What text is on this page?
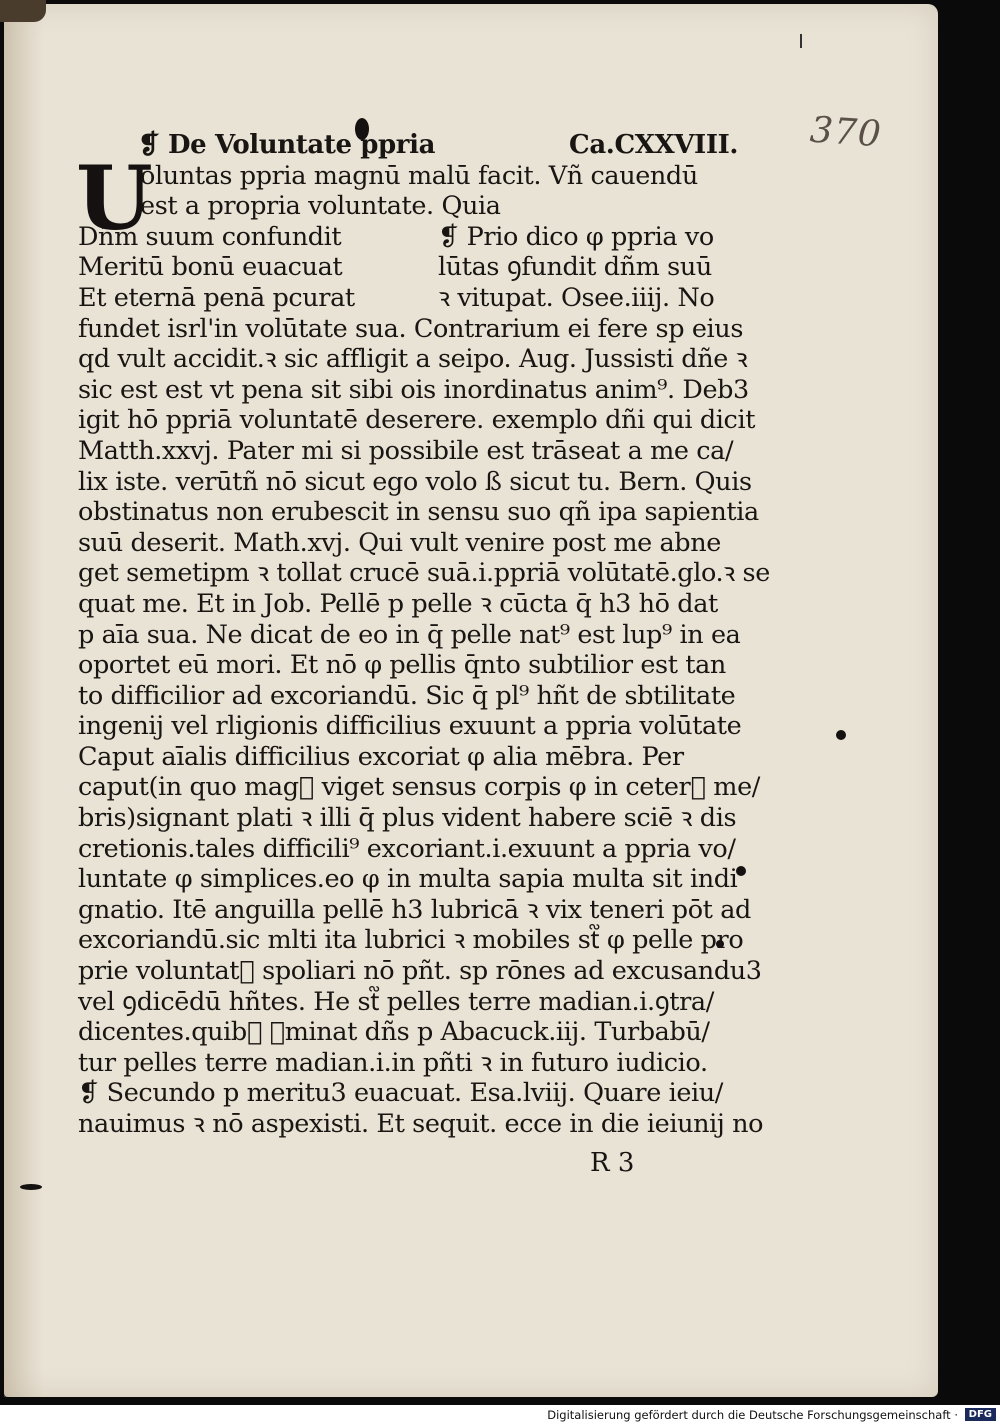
370
U
❡ De Voluntate ppria	Ca.CXXVIII.
oluntas ppria magnū malū facit. Vñ cauendū
est a propria voluntate. Quia
Dñm suum confundit
Meritū bonū euacuat
Et eternā penā pcurat
❡ Prio dico φ ppria vo
lūtas ꝯfundit dñm suū
ꝛ vitupat. Osee.iiij. No
fundet isrl'in volūtate sua. Contrarium ei fere sp eius
qd vult accidit.ꝛ sic affligit a seipo. Aug. Jussisti dñe ꝛ
sic est est vt pena sit sibi ois inordinatus anim⁹. Deb3
igit hō ppriā voluntatē deserere. exemplo dñi qui dicit
Matth.xxvj. Pater mi si possibile est trāseat a me ca/
lix iste. verūtñ nō sicut ego volo ß sicut tu. Bern. Quis
obstinatus non erubescit in sensu suo qñ ipa sapientia
suū deserit. Math.xvj. Qui vult venire post me abne
get semetipm ꝛ tollat crucē suā.i.ppriā volūtatē.glo.ꝛ se
quat me. Et in Job. Pellē p pelle ꝛ cūcta q̄ h3 hō dat
p aīa sua. Ne dicat de eo in q̄ pelle nat⁹ est lup⁹ in ea
oportet eū mori. Et nō φ pellis q̄nto subtilior est tan
to difficilior ad excoriandū. Sic q̄ pl⁹ hñt de sbtilitate
ingenij vel rligionis difficilius exuunt a ppria volūtate
Caput aīalis difficilius excoriat φ alia mēbra. Per
caput(in quo mag᷑ viget sensus corpis φ in ceter᷑ me/
bris)signant plati ꝛ illi q̄ plus vident habere sciē ꝛ dis
cretionis.tales difficili⁹ excoriant.i.exuunt a ppria vo/
luntate φ simplices.eo φ in multa sapia multa sit indi
gnatio. Itē anguilla pellē h3 lubricā ꝛ vix teneri pōt ad
excoriandū.sic mlti ita lubrici ꝛ mobiles st᷑ φ pelle pro
prie voluntat᷑ spoliari nō pñt. sp rōnes ad excusandu3
vel ꝯdicēdū hñtes. He st᷑ pelles terre madian.i.ꝯtra/
dicentes.quib᷒ ꝯminat dñs p Abacuck.iij. Turbabū/
tur pelles terre madian.i.in pñti ꝛ in futuro iudicio.
❡ Secundo p meritu3 euacuat. Esa.lviij. Quare ieiu/
nauimus ꝛ nō aspexisti. Et sequit. ecce in die ieiunij no
R 3
Digitalisierung gefördert durch die Deutsche Forschungsgemeinschaft ·	DFG
